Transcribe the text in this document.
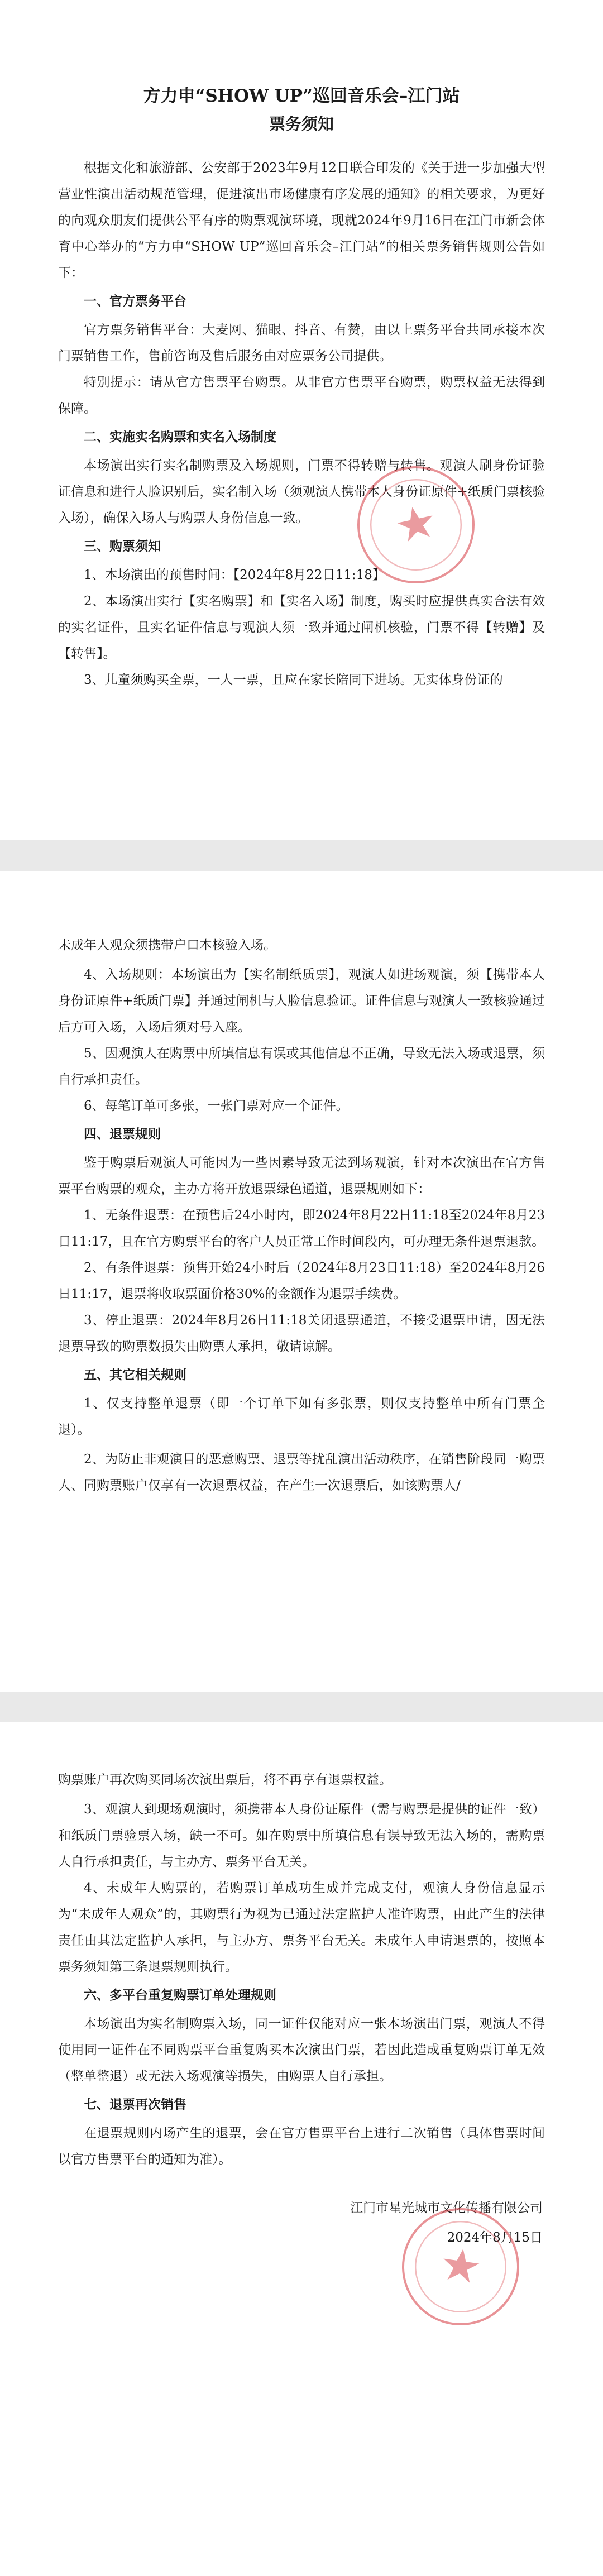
方力申“SHOW UP”巡回音乐会–江门站
票务须知

根据文化和旅游部、公安部于2023年9月12日联合印发的《关于进一步加强大型营业性演出活动规范管理，促进演出市场健康有序发展的通知》的相关要求，为更好的向观众朋友们提供公平有序的购票观演环境，现就2024年9月16日在江门市新会体育中心举办的“方力申“SHOW UP”巡回音乐会–江门站”的相关票务销售规则公告如下：

一、官方票务平台

官方票务销售平台：大麦网、猫眼、抖音、有赞，由以上票务平台共同承接本次门票销售工作，售前咨询及售后服务由对应票务公司提供。

特别提示：请从官方售票平台购票。从非官方售票平台购票，购票权益无法得到保障。

二、实施实名购票和实名入场制度

本场演出实行实名制购票及入场规则，门票不得转赠与转售。观演人刷身份证验证信息和进行人脸识别后，实名制入场（须观演人携带本人身份证原件+纸质门票核验入场），确保入场人与购票人身份信息一致。

三、购票须知

1、本场演出的预售时间：【2024年8月22日11:18】

2、本场演出实行【实名购票】和【实名入场】制度，购买时应提供真实合法有效的实名证件，且实名证件信息与观演人须一致并通过闸机核验，门票不得【转赠】及【转售】。

3、儿童须购买全票，一人一票，且应在家长陪同下进场。无实体身份证的

未成年人观众须携带户口本核验入场。

4、入场规则：本场演出为【实名制纸质票】，观演人如进场观演，须【携带本人身份证原件+纸质门票】并通过闸机与人脸信息验证。证件信息与观演人一致核验通过后方可入场，入场后须对号入座。

5、因观演人在购票中所填信息有误或其他信息不正确，导致无法入场或退票，须自行承担责任。

6、每笔订单可多张，一张门票对应一个证件。

四、退票规则

鉴于购票后观演人可能因为一些因素导致无法到场观演，针对本次演出在官方售票平台购票的观众，主办方将开放退票绿色通道，退票规则如下：

1、无条件退票：在预售后24小时内，即2024年8月22日11:18至2024年8月23日11:17，且在官方购票平台的客户人员正常工作时间段内，可办理无条件退票退款。

2、有条件退票：预售开始24小时后（2024年8月23日11:18）至2024年8月26日11:17，退票将收取票面价格30%的金额作为退票手续费。

3、停止退票：2024年8月26日11:18关闭退票通道，不接受退票申请，因无法退票导致的购票数损失由购票人承担，敬请谅解。

五、其它相关规则

1、仅支持整单退票（即一个订单下如有多张票，则仅支持整单中所有门票全退）。

2、为防止非观演目的恶意购票、退票等扰乱演出活动秩序，在销售阶段同一购票人、同购票账户仅享有一次退票权益，在产生一次退票后，如该购票人/

购票账户再次购买同场次演出票后，将不再享有退票权益。

3、观演人到现场观演时，须携带本人身份证原件（需与购票是提供的证件一致）和纸质门票验票入场，缺一不可。如在购票中所填信息有误导致无法入场的，需购票人自行承担责任，与主办方、票务平台无关。

4、未成年人购票的，若购票订单成功生成并完成支付，观演人身份信息显示为“未成年人观众”的，其购票行为视为已通过法定监护人准许购票，由此产生的法律责任由其法定监护人承担，与主办方、票务平台无关。未成年人申请退票的，按照本票务须知第三条退票规则执行。

六、多平台重复购票订单处理规则

本场演出为实名制购票入场，同一证件仅能对应一张本场演出门票，观演人不得使用同一证件在不同购票平台重复购买本次演出门票，若因此造成重复购票订单无效（整单整退）或无法入场观演等损失，由购票人自行承担。

七、退票再次销售

在退票规则内场产生的退票，会在官方售票平台上进行二次销售（具体售票时间以官方售票平台的通知为准）。

江门市星光城市文化传播有限公司

2024年8月15日
